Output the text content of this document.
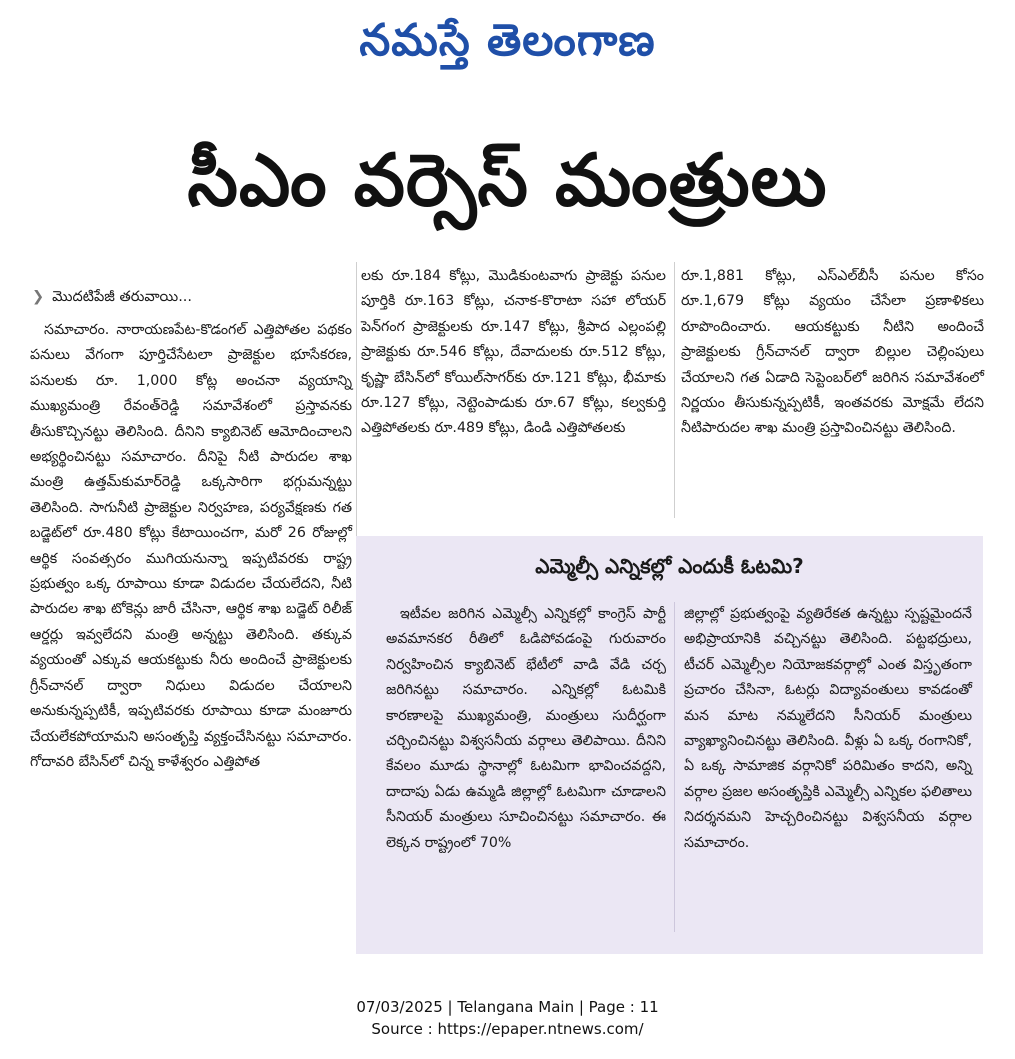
నమస్తే తెలంగాణ
సీఎం వర్సెస్ మంత్రులు
❯ మొదటిపేజీ తరువాయి...

సమాచారం. నారాయణపేట-కొడంగల్ ఎత్తిపోతల పథకం పనులు వేగంగా పూర్తిచేసేటలా ప్రాజెక్టుల భూసేకరణ, పనులకు రూ. 1,000 కోట్ల అంచనా వ్యయాన్ని ముఖ్యమంత్రి రేవంత్‌రెడ్డి సమావేశంలో ప్రస్తావనకు తీసుకొచ్చినట్టు తెలిసింది. దీనిని క్యాబినెట్ ఆమోదించాలని అభ్యర్థించినట్టు సమాచారం. దీనిపై నీటి పారుదల శాఖ మంత్రి ఉత్తమ్‌కుమార్‌రెడ్డి ఒక్కసారిగా భగ్గుమన్నట్టు తెలిసింది. సాగునీటి ప్రాజెక్టుల నిర్వహణ, పర్యవేక్షణకు గత బడ్జెట్‌లో రూ.480 కోట్లు కేటాయించగా, మరో 26 రోజుల్లో ఆర్థిక సంవత్సరం ముగియనున్నా ఇప్పటివరకు రాష్ట్ర ప్రభుత్వం ఒక్క రూపాయి కూడా విడుదల చేయలేదని, నీటి పారుదల శాఖ టోకెన్లు జారీ చేసినా, ఆర్థిక శాఖ బడ్జెట్ రిలీజ్ ఆర్డర్లు ఇవ్వలేదని మంత్రి అన్నట్టు తెలిసింది. తక్కువ వ్యయంతో ఎక్కువ ఆయకట్టుకు నీరు అందించే ప్రాజెక్టులకు గ్రీన్‌చానల్ ద్వారా నిధులు విడుదల చేయాలని అనుకున్నప్పటికీ, ఇప్పటివరకు రూపాయి కూడా మంజూరు చేయలేకపోయామని అసంతృప్తి వ్యక్తంచేసినట్టు సమాచారం. గోదావరి బేసిన్‌లో చిన్న కాళేశ్వరం ఎత్తిపోత

లకు రూ.184 కోట్లు, మొడికుంటవాగు ప్రాజెక్టు పనుల పూర్తికి రూ.163 కోట్లు, చనాక-కొరాటా సహా లోయర్ పెన్‌గంగ ప్రాజెక్టులకు రూ.147 కోట్లు, శ్రీపాద ఎల్లంపల్లి ప్రాజెక్టుకు రూ.546 కోట్లు, దేవాదులకు రూ.512 కోట్లు, కృష్ణా బేసిన్‌లో కోయిల్‌సాగర్‌కు రూ.121 కోట్లు, భీమాకు రూ.127 కోట్లు, నెట్టెంపాడుకు రూ.67 కోట్లు, కల్వకుర్తి ఎత్తిపోతలకు రూ.489 కోట్లు, డిండి ఎత్తిపోతలకు

రూ.1,881 కోట్లు, ఎస్ఎల్‌బీసీ పనుల కోసం రూ.1,679 కోట్లు వ్యయం చేసేలా ప్రణాళికలు రూపొందించారు. ఆయకట్టుకు నీటిని అందించే ప్రాజెక్టులకు గ్రీన్‌చానల్ ద్వారా బిల్లుల చెల్లింపులు చేయాలని గత ఏడాది సెప్టెంబర్‌లో జరిగిన సమావేశంలో నిర్ణయం తీసుకున్నప్పటికీ, ఇంతవరకు మోక్షమే లేదని నీటిపారుదల శాఖ మంత్రి ప్రస్తావించినట్టు తెలిసింది.

ఎమ్మెల్సీ ఎన్నికల్లో ఎందుకీ ఓటమి?

ఇటీవల జరిగిన ఎమ్మెల్సీ ఎన్నికల్లో కాంగ్రెస్ పార్టీ అవమానకర రీతిలో ఓడిపోవడంపై గురువారం నిర్వహించిన క్యాబినెట్ భేటీలో వాడి వేడి చర్చ జరిగినట్టు సమాచారం. ఎన్నికల్లో ఓటమికి కారణాలపై ముఖ్యమంత్రి, మంత్రులు సుదీర్ఘంగా చర్చించినట్టు విశ్వసనీయ వర్గాలు తెలిపాయి. దీనిని కేవలం మూడు స్థానాల్లో ఓటమిగా భావించవద్దని, దాదాపు ఏడు ఉమ్మడి జిల్లాల్లో ఓటమిగా చూడాలని సీనియర్ మంత్రులు సూచించినట్టు సమాచారం. ఈ లెక్కన రాష్ట్రంలో 70%

జిల్లాల్లో ప్రభుత్వంపై వ్యతిరేకత ఉన్నట్టు స్పష్టమైందనే అభిప్రాయానికి వచ్చినట్టు తెలిసింది. పట్టభద్రులు, టీచర్ ఎమ్మెల్సీల నియోజకవర్గాల్లో ఎంత విస్తృతంగా ప్రచారం చేసినా, ఓటర్లు విద్యావంతులు కావడంతో మన మాట నమ్మలేదని సీనియర్ మంత్రులు వ్యాఖ్యానించినట్టు తెలిసింది. వీళ్లు ఏ ఒక్క రంగానికో, ఏ ఒక్క సామాజిక వర్గానికో పరిమితం కాదని, అన్ని వర్గాల ప్రజల అసంతృప్తికి ఎమ్మెల్సీ ఎన్నికల ఫలితాలు నిదర్శనమని హెచ్చరించినట్టు విశ్వసనీయ వర్గాల సమాచారం.

07/03/2025 | Telangana Main | Page : 11
Source : https://epaper.ntnews.com/
